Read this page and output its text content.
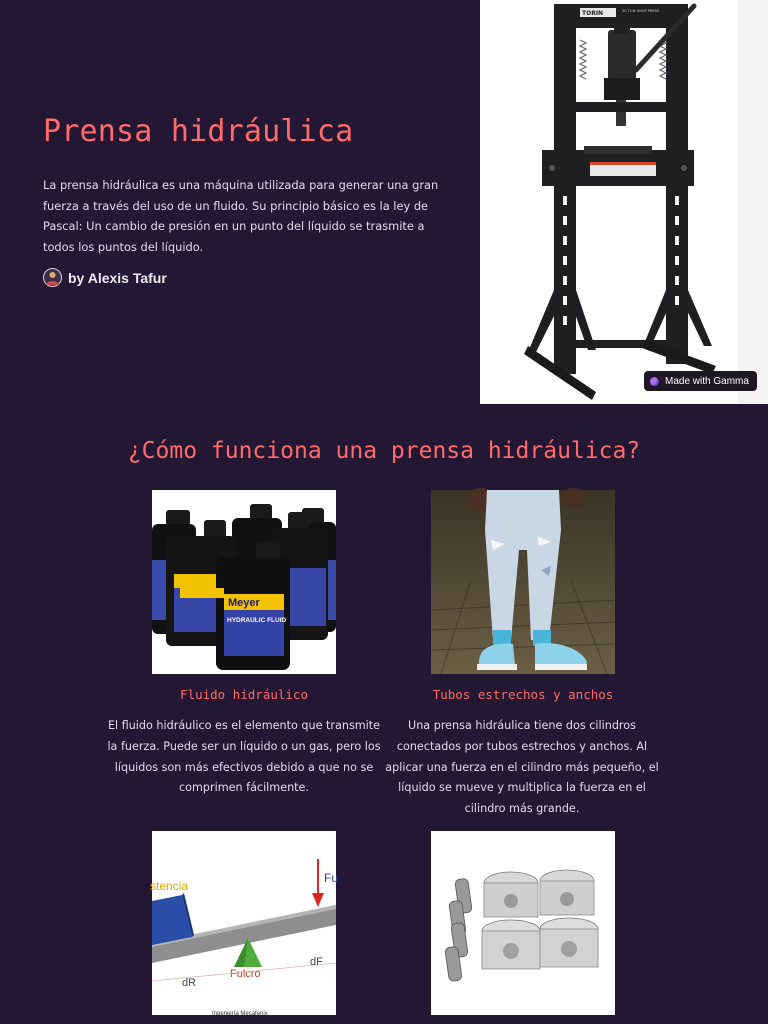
TORIN	20 TON SHOP PRESS
Prensa hidráulica

La prensa hidráulica es una máquina utilizada para generar una gran fuerza a través del uso de un fluido. Su principio básico es la ley de Pascal: Un cambio de presión en un punto del líquido se trasmite a todos los puntos del líquido.

by Alexis Tafur
Made with Gamma
¿Cómo funciona una prensa hidráulica?
Meyer
HYDRAULIC FLUID
Fluido hidráulico

El fluido hidráulico es el elemento que transmite la fuerza. Puede ser un líquido o un gas, pero los líquidos son más efectivos debido a que no se comprimen fácilmente.

Tubos estrechos y anchos

Una prensa hidráulica tiene dos cilindros conectados por tubos estrechos y anchos. Al aplicar una fuerza en el cilindro más pequeño, el líquido se mueve y multiplica la fuerza en el cilindro más grande.

stencia
Fu
Fulcro
dR
dF
Ingeniería Mecafenix
